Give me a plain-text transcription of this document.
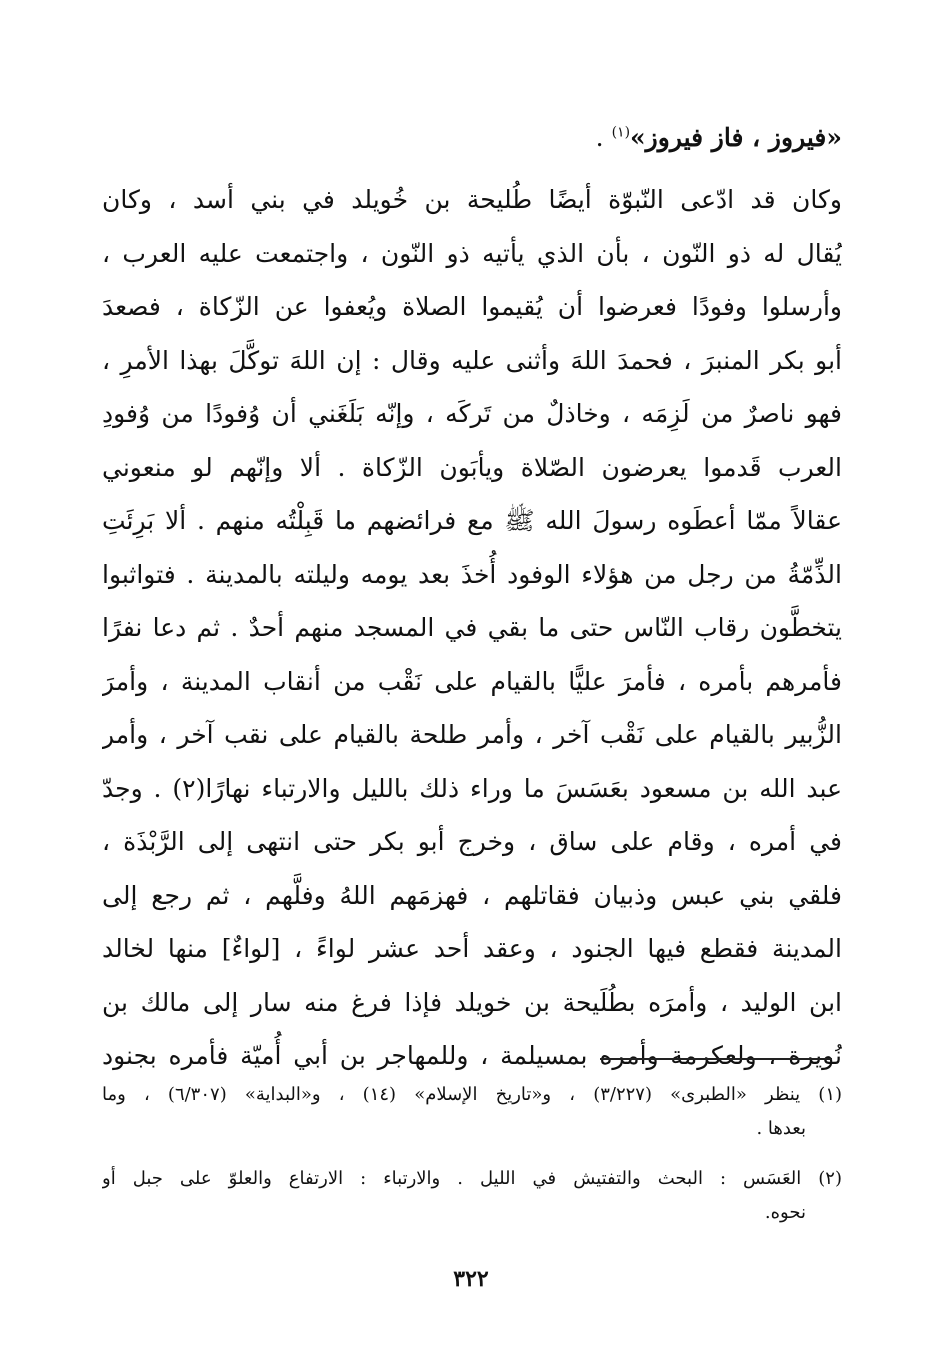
«فيروز ، فاز فيروز»$^{(١)}$ .
وكان قد ادّعى النّبوّة أيضًا طُليحة بن خُويلد في بني أسد ، وكان
يُقال له ذو النّون ، بأن الذي يأتيه ذو النّون ، واجتمعت عليه العرب ،
وأرسلوا وفودًا فعرضوا أن يُقيموا الصلاة ويُعفوا عن الزّكاة ، فصعدَ
أبو بكر المنبرَ ، فحمدَ اللهَ وأثنى عليه وقال : إن اللهَ توكَّلَ بهذا الأمرِ ،
فهو ناصرٌ من لَزِمَه ، وخاذلٌ من تَركَه ، وإنّه بَلَغَني أن وُفودًا من وُفودِ
العرب قَدموا يعرضون الصّلاة ويأبَون الزّكاة . ألا وإنّهم لو منعوني
عقالاً ممّا أعطَوه رسولَ الله ﷺ مع فرائضهم ما قَبِلْتُه منهم . ألا بَرِئَتِ
الذِّمّةُ من رجل من هؤلاء الوفود أُخذَ بعد يومه وليلته بالمدينة . فتواثبوا
يتخطَّون رقاب النّاس حتى ما بقي في المسجد منهم أحدٌ . ثم دعا نفرًا
فأمرهم بأمره ، فأمرَ عليًّا بالقيام على نَقْب من أنقاب المدينة ، وأمرَ
الزُّبير بالقيام على نَقْب آخر ، وأمر طلحة بالقيام على نقب آخر ، وأمر
عبد الله بن مسعود بعَسَسَ ما وراء ذلك بالليل والارتباء نهارًا(٢) . وجدّ
في أمره ، وقام على ساق ، وخرج أبو بكر حتى انتهى إلى الرَّبْذَة ،
فلقي بني عبس وذبيان فقاتلهم ، فهزمَهم اللهُ وفلَّهم ، ثم رجع إلى
المدينة فقطع فيها الجنود ، وعقد أحد عشر لواءً ، [لواءٌ] منها لخالد
ابن الوليد ، وأمرَه بطُلَيحة بن خويلد فإذا فرغ منه سار إلى مالك بن
نُويرة ، ولعكرمة وأمره بمسيلمة ، وللمهاجر بن أبي أُميّة فأمره بجنود
(١) ينظر «الطبرى» (٣/٢٢٧) ، و«تاريخ الإسلام» (١٤) ، و«البداية» (٦/٣٠٧) ، وما
بعدها .
(٢) العَسَس : البحث والتفتيش في الليل . والارتباء : الارتفاع والعلوّ على جبل أو
نحوه.
٣٢٢
